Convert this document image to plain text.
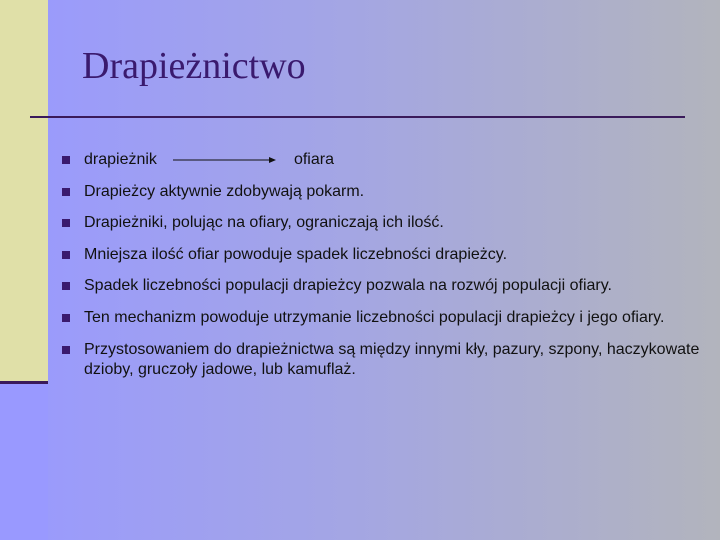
Drapieżnictwo
drapieżnik	ofiara
Drapieżcy aktywnie zdobywają pokarm.
Drapieżniki, polując na ofiary, ograniczają ich ilość.
Mniejsza ilość ofiar powoduje spadek liczebności drapieżcy.
Spadek liczebności populacji drapieżcy pozwala na rozwój populacji ofiary.
Ten mechanizm powoduje utrzymanie liczebności populacji drapieżcy i jego ofiary.
Przystosowaniem do drapieżnictwa są między innymi kły, pazury, szpony, haczykowate dzioby, gruczoły jadowe, lub kamuflaż.
